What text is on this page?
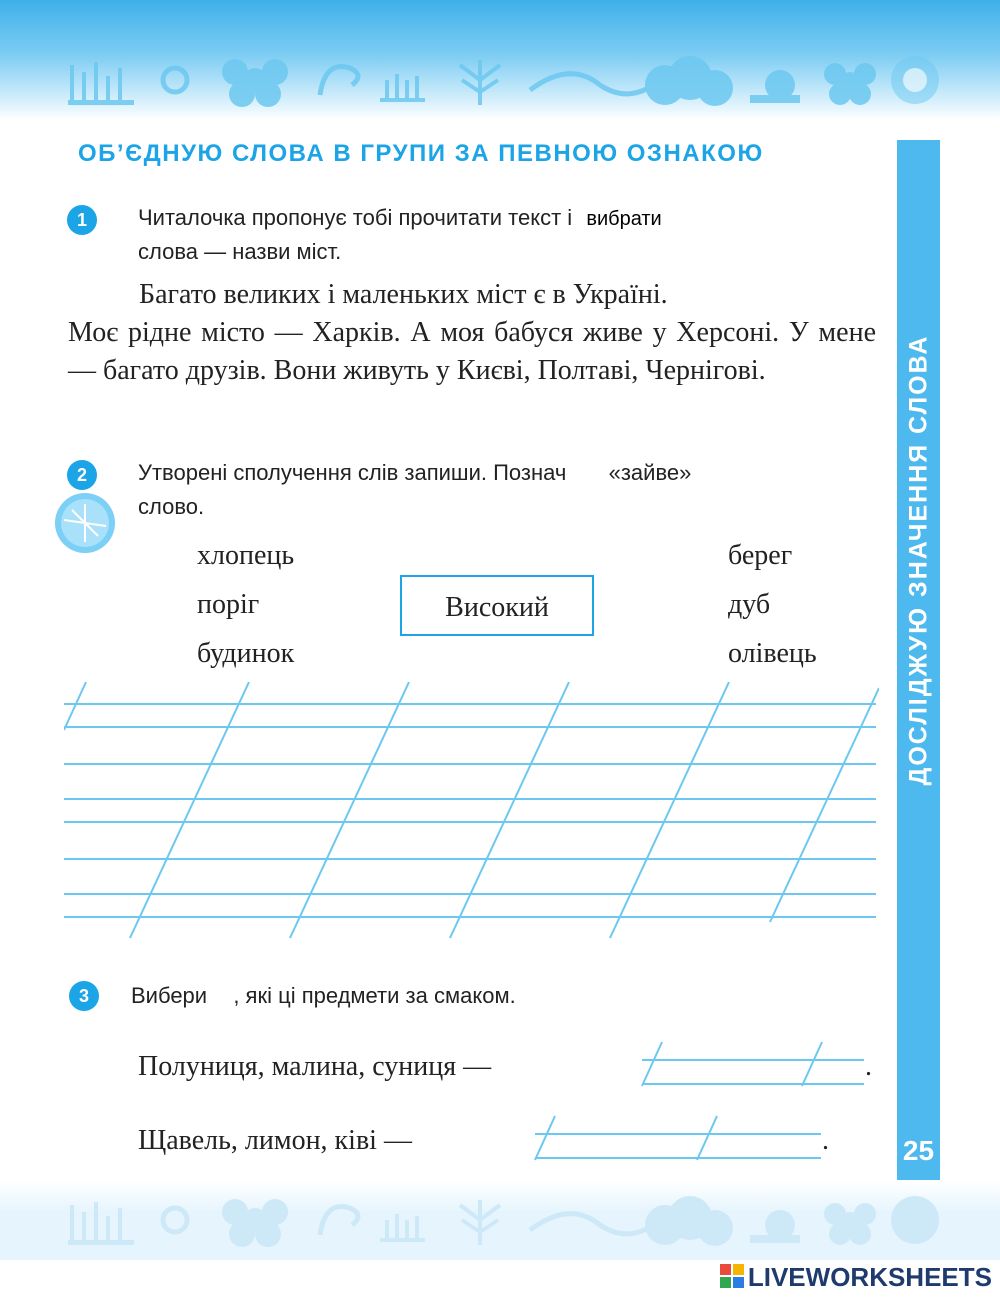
ОБ’ЄДНУЮ СЛОВА В ГРУПИ ЗА ПЕВНОЮ ОЗНАКОЮ
ДОСЛІДЖУЮ ЗНАЧЕННЯ СЛОВА
25
1	Читалочка пропонує тобі прочитати текст і вибрати
слова — назви міст.
Багато великих і маленьких міст є в Україні.
Моє рідне місто — Харків. А моя бабуся живе у Херсоні. У мене — багато друзів. Вони живуть у Києві, Полтаві, Чернігові.
2	Утворені сполучення слів запиши. Познач «зайве»
слово.
хлопець
поріг
будинок
Високий
берег
дуб
олівець
3	Вибери , які ці предмети за смаком.
Полуниця, малина, суниця —	.
Щавель, лимон, ківі —	.
LIVEWORKSHEETS
